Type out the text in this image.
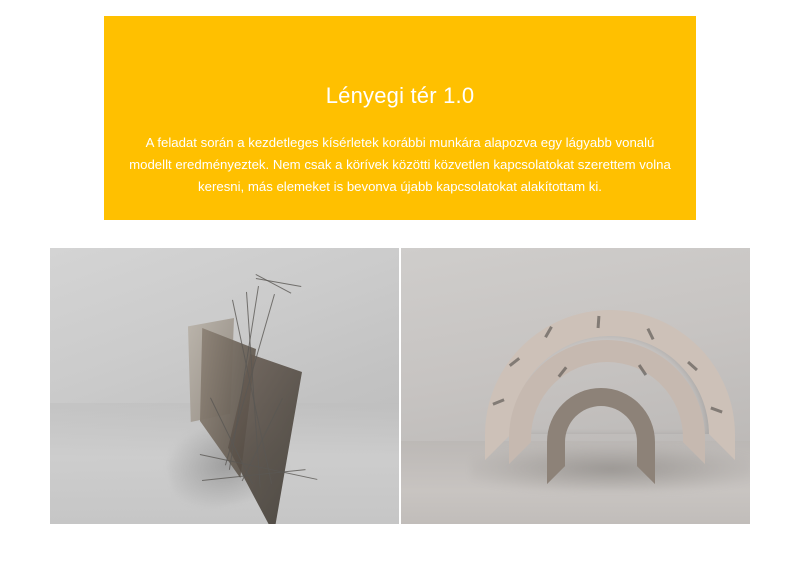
Lényegi tér 1.0
A feladat során a kezdetleges kísérletek korábbi munkára alapozva egy lágyabb vonalú modellt eredményeztek. Nem csak a körívek közötti közvetlen kapcsolatokat szerettem volna keresni, más elemeket is bevonva újabb kapcsolatokat alakítottam ki.
